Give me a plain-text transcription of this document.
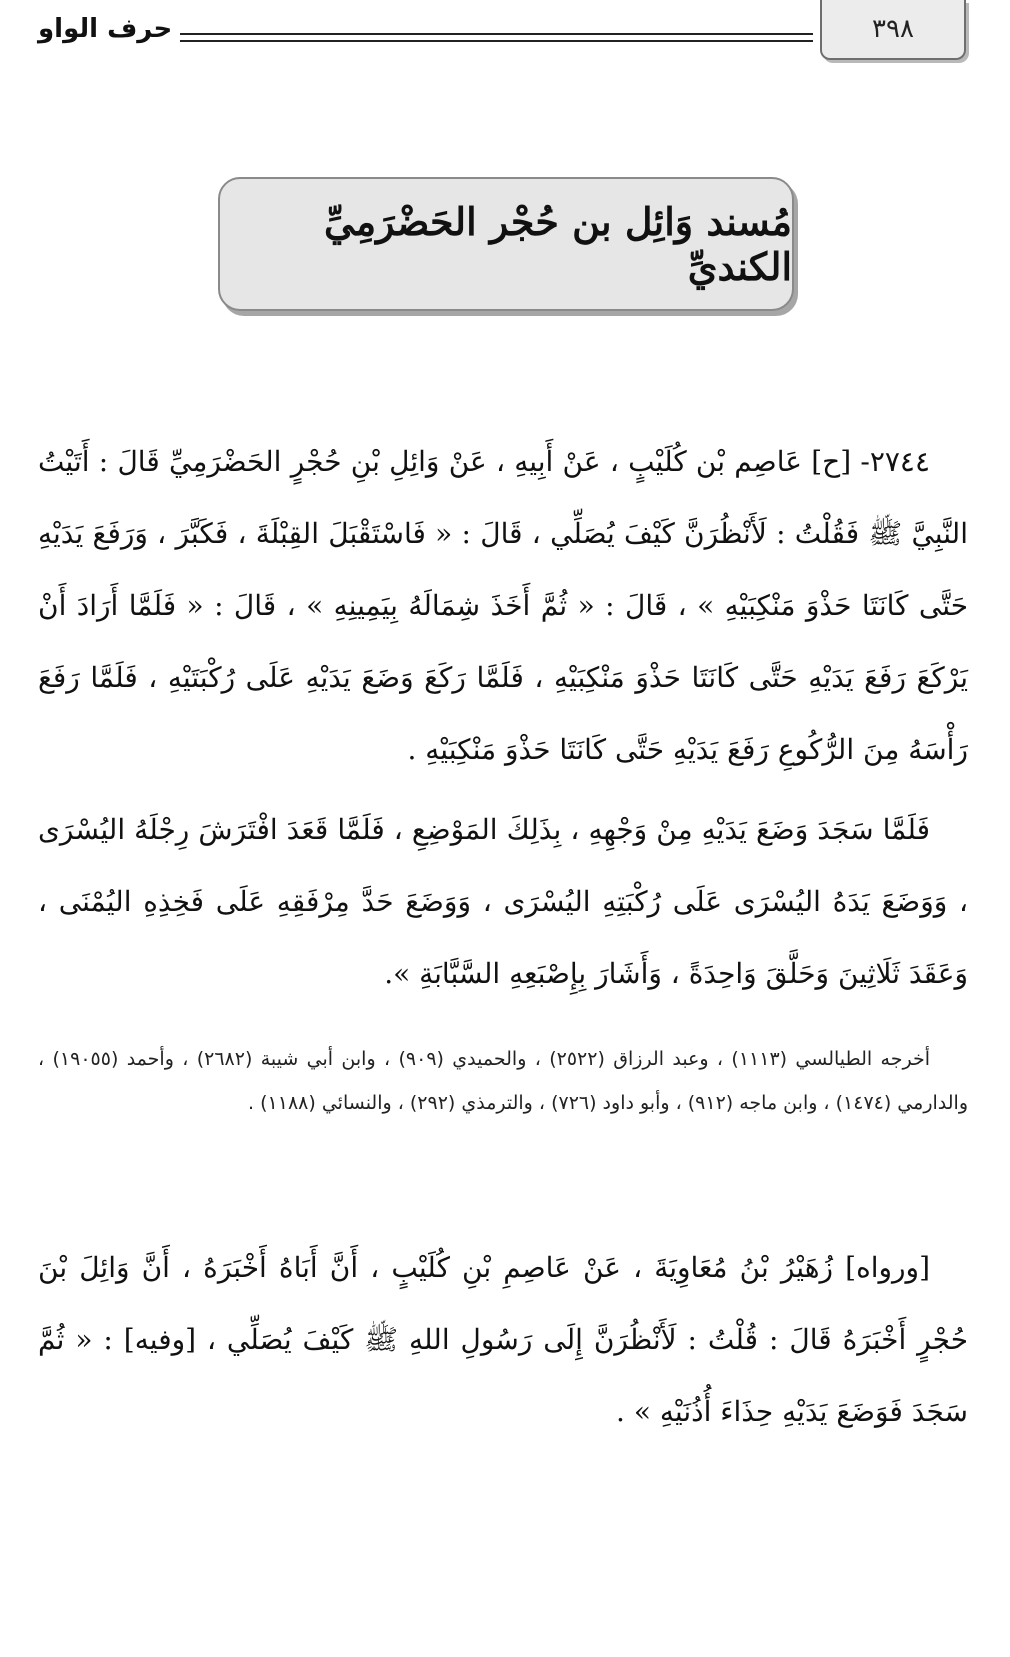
٣٩٨
حرف الواو
مُسند وَائِل بن حُجْر الحَضْرَمِيِّ الكنديِّ

٢٧٤٤- [ح] عَاصِم بْن كُلَيْبٍ ، عَنْ أَبِيهِ ، عَنْ وَائِلِ بْنِ حُجْرٍ الحَضْرَمِيِّ قَالَ : أَتَيْتُ النَّبِيَّ ﷺ فَقُلْتُ : لَأَنْظُرَنَّ كَيْفَ يُصَلِّي ، قَالَ : « فَاسْتَقْبَلَ القِبْلَةَ ، فَكَبَّرَ ، وَرَفَعَ يَدَيْهِ حَتَّى كَانَتَا حَذْوَ مَنْكِبَيْهِ » ، قَالَ : « ثُمَّ أَخَذَ شِمَالَهُ بِيَمِينِهِ » ، قَالَ : « فَلَمَّا أَرَادَ أَنْ يَرْكَعَ رَفَعَ يَدَيْهِ حَتَّى كَانَتَا حَذْوَ مَنْكِبَيْهِ ، فَلَمَّا رَكَعَ وَضَعَ يَدَيْهِ عَلَى رُكْبَتَيْهِ ، فَلَمَّا رَفَعَ رَأْسَهُ مِنَ الرُّكُوعِ رَفَعَ يَدَيْهِ حَتَّى كَانَتَا حَذْوَ مَنْكِبَيْهِ .

فَلَمَّا سَجَدَ وَضَعَ يَدَيْهِ مِنْ وَجْهِهِ ، بِذَلِكَ المَوْضِعِ ، فَلَمَّا قَعَدَ افْتَرَشَ رِجْلَهُ اليُسْرَى ، وَوَضَعَ يَدَهُ اليُسْرَى عَلَى رُكْبَتِهِ اليُسْرَى ، وَوَضَعَ حَدَّ مِرْفَقِهِ عَلَى فَخِذِهِ اليُمْنَى ، وَعَقَدَ ثَلَاثِينَ وَحَلَّقَ وَاحِدَةً ، وَأَشَارَ بِإِصْبَعِهِ السَّبَّابَةِ ».

أخرجه الطيالسي (١١١٣) ، وعبد الرزاق (٢٥٢٢) ، والحميدي (٩٠٩) ، وابن أبي شيبة (٢٦٨٢) ، وأحمد (١٩٠٥٥) ، والدارمي (١٤٧٤) ، وابن ماجه (٩١٢) ، وأبو داود (٧٢٦) ، والترمذي (٢٩٢) ، والنسائي (١١٨٨) .

[ورواه] زُهَيْرُ بْنُ مُعَاوِيَةَ ، عَنْ عَاصِمِ بْنِ كُلَيْبٍ ، أَنَّ أَبَاهُ أَخْبَرَهُ ، أَنَّ وَائِلَ بْنَ حُجْرٍ أَخْبَرَهُ قَالَ : قُلْتُ : لَأَنْظُرَنَّ إِلَى رَسُولِ اللهِ ﷺ كَيْفَ يُصَلِّي ، [وفيه] : « ثُمَّ سَجَدَ فَوَضَعَ يَدَيْهِ حِذَاءَ أُذُنَيْهِ » .
